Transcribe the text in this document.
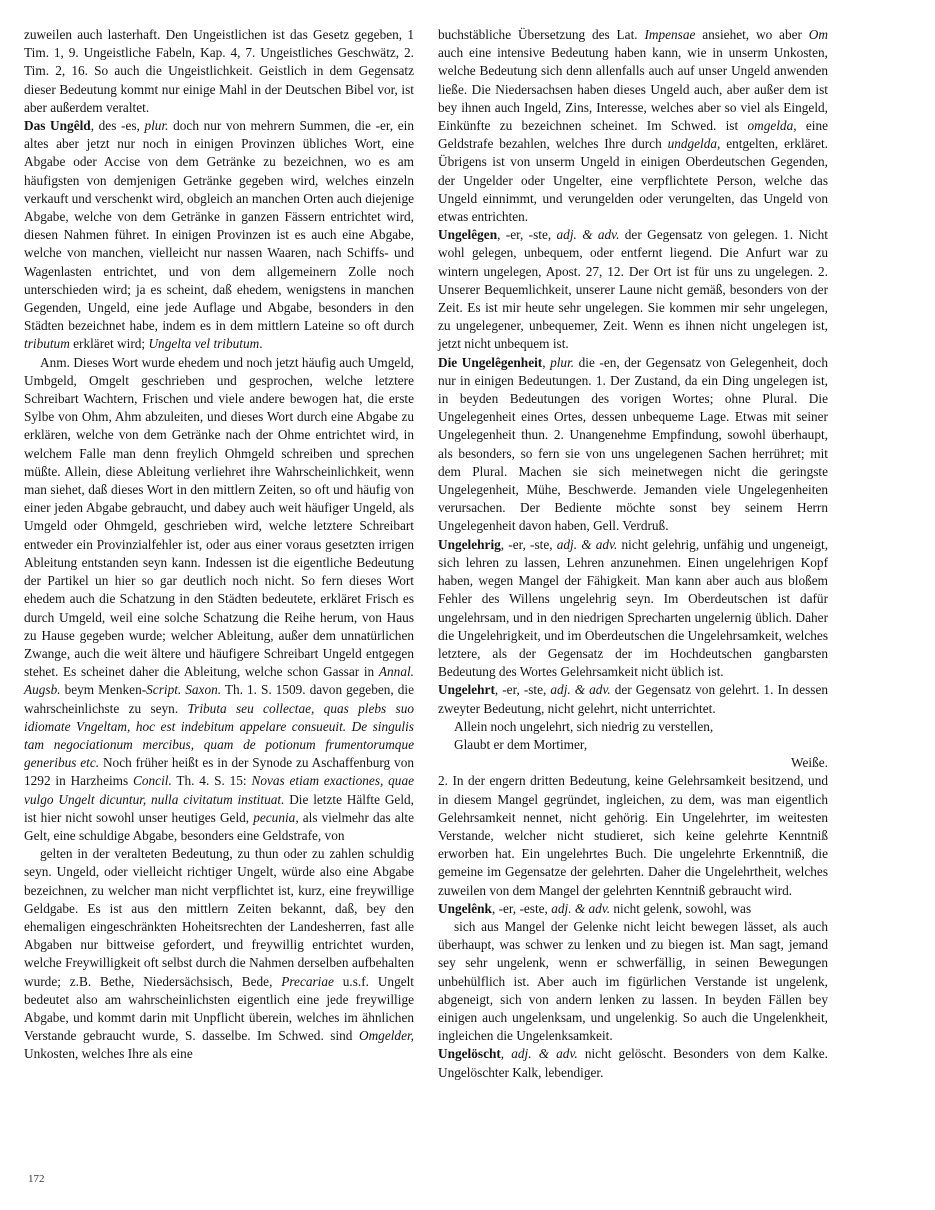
zuweilen auch lasterhaft. Den Ungeistlichen ist das Gesetz gegeben, 1 Tim. 1, 9. Ungeistliche Fabeln, Kap. 4, 7. Ungeistliches Geschwätz, 2. Tim. 2, 16. So auch die Ungeistlichkeit. Geistlich in dem Gegensatz dieser Bedeutung kommt nur einige Mahl in der Deutschen Bibel vor, ist aber außerdem veraltet.

Das Ungêld, des -es, plur. doch nur von mehrern Summen, die -er, ein altes aber jetzt nur noch in einigen Provinzen übliches Wort, eine Abgabe oder Accise von dem Getränke zu bezeichnen, wo es am häufigsten von demjenigen Getränke gegeben wird, welches einzeln verkauft und verschenkt wird, obgleich an manchen Orten auch diejenige Abgabe, welche von dem Getränke in ganzen Fässern entrichtet wird, diesen Nahmen führet. In einigen Provinzen ist es auch eine Abgabe, welche von manchen, vielleicht nur nassen Waaren, nach Schiffs- und Wagenlasten entrichtet, und von dem allgemeinern Zolle noch unterschieden wird; ja es scheint, daß ehedem, wenigstens in manchen Gegenden, Ungeld, eine jede Auflage und Abgabe, besonders in den Städten bezeichnet habe, indem es in dem mittlern Lateine so oft durch tributum erkläret wird; Ungelta vel tributum.

Anm. Dieses Wort wurde ehedem und noch jetzt häufig auch Umgeld, Umbgeld, Omgelt geschrieben und gesprochen, welche letztere Schreibart Wachtern, Frischen und viele andere bewogen hat, die erste Sylbe von Ohm, Ahm abzuleiten, und dieses Wort durch eine Abgabe zu erklären, welche von dem Getränke nach der Ohme entrichtet wird, in welchem Falle man denn freylich Ohmgeld schreiben und sprechen müßte. Allein, diese Ableitung verliehret ihre Wahrscheinlichkeit, wenn man siehet, daß dieses Wort in den mittlern Zeiten, so oft und häufig von einer jeden Abgabe gebraucht, und dabey auch weit häufiger Ungeld, als Umgeld oder Ohmgeld, geschrieben wird, welche letztere Schreibart entweder ein Provinzialfehler ist, oder aus einer voraus gesetzten irrigen Ableitung entstanden seyn kann. Indessen ist die eigentliche Bedeutung der Partikel un hier so gar deutlich noch nicht. So fern dieses Wort ehedem auch die Schatzung in den Städten bedeutete, erkläret Frisch es durch Umgeld, weil eine solche Schatzung die Reihe herum, von Haus zu Hause gegeben wurde; welcher Ableitung, außer dem unnatürlichen Zwange, auch die weit ältere und häufigere Schreibart Ungeld entgegen stehet. Es scheinet daher die Ableitung, welche schon Gassar in Annal. Augsb. beym Menken-Script. Saxon. Th. 1. S. 1509. davon gegeben, die wahrscheinlichste zu seyn. Tributa seu collectae, quas plebs suo idiomate Vngeltam, hoc est indebitum appelare consueuit. De singulis tam negociationum mercibus, quam de potionum frumentorumque generibus etc. Noch früher heißt es in der Synode zu Aschaffenburg von 1292 in Harzheims Concil. Th. 4. S. 15: Novas etiam exactiones, quae vulgo Ungelt dicuntur, nulla civitatum instituat. Die letzte Hälfte Geld, ist hier nicht sowohl unser heutiges Geld, pecunia, als vielmehr das alte Gelt, eine schuldige Abgabe, besonders eine Geldstrafe, von

gelten in der veralteten Bedeutung, zu thun oder zu zahlen schuldig seyn. Ungeld, oder vielleicht richtiger Ungelt, würde also eine Abgabe bezeichnen, zu welcher man nicht verpflichtet ist, kurz, eine freywillige Geldgabe. Es ist aus den mittlern Zeiten bekannt, daß, bey den ehemaligen eingeschränkten Hoheitsrechten der Landesherren, fast alle Abgaben nur bittweise gefordert, und freywillig entrichtet wurden, welche Freywilligkeit oft selbst durch die Nahmen derselben aufbehalten wurde; z.B. Bethe, Niedersächsisch, Bede, Precariae u.s.f. Ungelt bedeutet also am wahrscheinlichsten eigentlich eine jede freywillige Abgabe, und kommt darin mit Unpflicht überein, welches im ähnlichen Verstande gebraucht wurde, S. dasselbe. Im Schwed. sind Omgelder, Unkosten, welches Ihre als eine

buchstäbliche Übersetzung des Lat. Impensae ansiehet, wo aber Om auch eine intensive Bedeutung haben kann, wie in unserm Unkosten, welche Bedeutung sich denn allenfalls auch auf unser Ungeld anwenden ließe. Die Niedersachsen haben dieses Ungeld auch, aber außer dem ist bey ihnen auch Ingeld, Zins, Interesse, welches aber so viel als Eingeld, Einkünfte zu bezeichnen scheinet. Im Schwed. ist omgelda, eine Geldstrafe bezahlen, welches Ihre durch undgelda, entgelten, erkläret. Übrigens ist von unserm Ungeld in einigen Oberdeutschen Gegenden, der Ungelder oder Ungelter, eine verpflichtete Person, welche das Ungeld einnimmt, und verungelden oder verungelten, das Ungeld von etwas entrichten.

Ungelêgen, -er, -ste, adj. & adv. der Gegensatz von gelegen. 1. Nicht wohl gelegen, unbequem, oder entfernt liegend. Die Anfurt war zu wintern ungelegen, Apost. 27, 12. Der Ort ist für uns zu ungelegen. 2. Unserer Bequemlichkeit, unserer Laune nicht gemäß, besonders von der Zeit. Es ist mir heute sehr ungelegen. Sie kommen mir sehr ungelegen, zu ungelegener, unbequemer, Zeit. Wenn es ihnen nicht ungelegen ist, jetzt nicht unbequem ist.

Die Ungelêgenheit, plur. die -en, der Gegensatz von Gelegenheit, doch nur in einigen Bedeutungen. 1. Der Zustand, da ein Ding ungelegen ist, in beyden Bedeutungen des vorigen Wortes; ohne Plural. Die Ungelegenheit eines Ortes, dessen unbequeme Lage. Etwas mit seiner Ungelegenheit thun. 2. Unangenehme Empfindung, sowohl überhaupt, als besonders, so fern sie von uns ungelegenen Sachen herrühret; mit dem Plural. Machen sie sich meinetwegen nicht die geringste Ungelegenheit, Mühe, Beschwerde. Jemanden viele Ungelegenheiten verursachen. Der Bediente möchte sonst bey seinem Herrn Ungelegenheit davon haben, Gell. Verdruß.

Ungelehrig, -er, -ste, adj. & adv. nicht gelehrig, unfähig und ungeneigt, sich lehren zu lassen, Lehren anzunehmen. Einen ungelehrigen Kopf haben, wegen Mangel der Fähigkeit. Man kann aber auch aus bloßem Fehler des Willens ungelehrig seyn. Im Oberdeutschen ist dafür ungelehrsam, und in den niedrigen Sprecharten ungelernig üblich. Daher die Ungelehrigkeit, und im Oberdeutschen die Ungelehrsamkeit, welches letztere, als der Gegensatz der im Hochdeutschen gangbarsten Bedeutung des Wortes Gelehrsamkeit nicht üblich ist.

Ungelehrt, -er, -ste, adj. & adv. der Gegensatz von gelehrt. 1. In dessen zweyter Bedeutung, nicht gelehrt, nicht unterrichtet.

Allein noch ungelehrt, sich niedrig zu verstellen,

Glaubt er dem Mortimer,

Weiße.

2. In der engern dritten Bedeutung, keine Gelehrsamkeit besitzend, und in diesem Mangel gegründet, ingleichen, zu dem, was man eigentlich Gelehrsamkeit nennet, nicht gehörig. Ein Ungelehrter, im weitesten Verstande, welcher nicht studieret, sich keine gelehrte Kenntniß erworben hat. Ein ungelehrtes Buch. Die ungelehrte Erkenntniß, die gemeine im Gegensatze der gelehrten. Daher die Ungelehrtheit, welches zuweilen von dem Mangel der gelehrten Kenntniß gebraucht wird.

Ungelênk, -er, -este, adj. & adv. nicht gelenk, sowohl, was

sich aus Mangel der Gelenke nicht leicht bewegen lässet, als auch überhaupt, was schwer zu lenken und zu biegen ist. Man sagt, jemand sey sehr ungelenk, wenn er schwerfällig, in seinen Bewegungen unbehülflich ist. Aber auch im figürlichen Verstande ist ungelenk, abgeneigt, sich von andern lenken zu lassen. In beyden Fällen bey einigen auch ungelenksam, und ungelenkig. So auch die Ungelenkheit, ingleichen die Ungelenksamkeit.

Ungelöscht, adj. & adv. nicht gelöscht. Besonders von dem Kalke. Ungelöschter Kalk, lebendiger.

172
